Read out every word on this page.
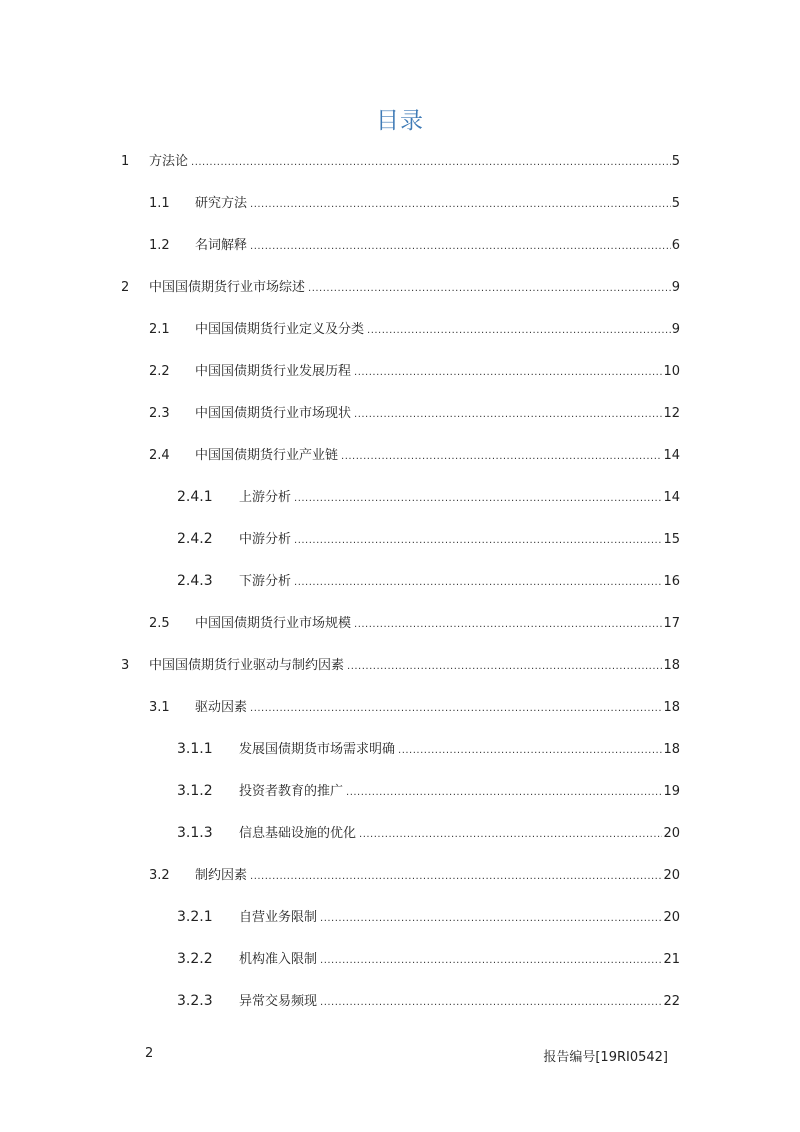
目录
1	方法论 .....	5
1.1	研究方法 .....	5
1.2	名词解释 .....	6
2	中国国债期货行业市场综述 .....	9
2.1	中国国债期货行业定义及分类 .....	9
2.2	中国国债期货行业发展历程 .....	10
2.3	中国国债期货行业市场现状 .....	12
2.4	中国国债期货行业产业链 .....	14
2.4.1	上游分析 .....	14
2.4.2	中游分析 .....	15
2.4.3	下游分析 .....	16
2.5	中国国债期货行业市场规模 .....	17
3	中国国债期货行业驱动与制约因素 .....	18
3.1	驱动因素 .....	18
3.1.1	发展国债期货市场需求明确 .....	18
3.1.2	投资者教育的推广 .....	19
3.1.3	信息基础设施的优化 .....	20
3.2	制约因素 .....	20
3.2.1	自营业务限制 .....	20
3.2.2	机构准入限制 .....	21
3.2.3	异常交易频现 .....	22
2	报告编号[19RI0542]
